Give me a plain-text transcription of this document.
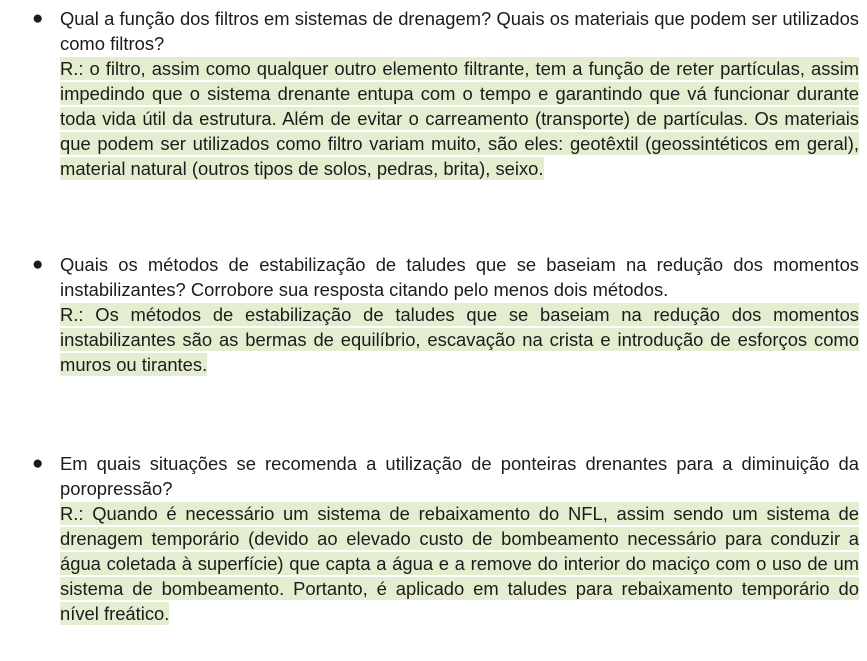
● Qual a função dos filtros em sistemas de drenagem? Quais os materiais que podem ser utilizados como filtros?
R.: o filtro, assim como qualquer outro elemento filtrante, tem a função de reter partículas, assim impedindo que o sistema drenante entupa com o tempo e garantindo que vá funcionar durante toda vida útil da estrutura. Além de evitar o carreamento (transporte) de partículas. Os materiais que podem ser utilizados como filtro variam muito, são eles: geotêxtil (geossintéticos em geral), material natural (outros tipos de solos, pedras, brita), seixo.
● Quais os métodos de estabilização de taludes que se baseiam na redução dos momentos instabilizantes? Corrobore sua resposta citando pelo menos dois métodos.
R.: Os métodos de estabilização de taludes que se baseiam na redução dos momentos instabilizantes são as bermas de equilíbrio, escavação na crista e introdução de esforços como muros ou tirantes.
● Em quais situações se recomenda a utilização de ponteiras drenantes para a diminuição da poropressão?
R.: Quando é necessário um sistema de rebaixamento do NFL, assim sendo um sistema de drenagem temporário (devido ao elevado custo de bombeamento necessário para conduzir a água coletada à superfície) que capta a água e a remove do interior do maciço com o uso de um sistema de bombeamento. Portanto, é aplicado em taludes para rebaixamento temporário do nível freático.
